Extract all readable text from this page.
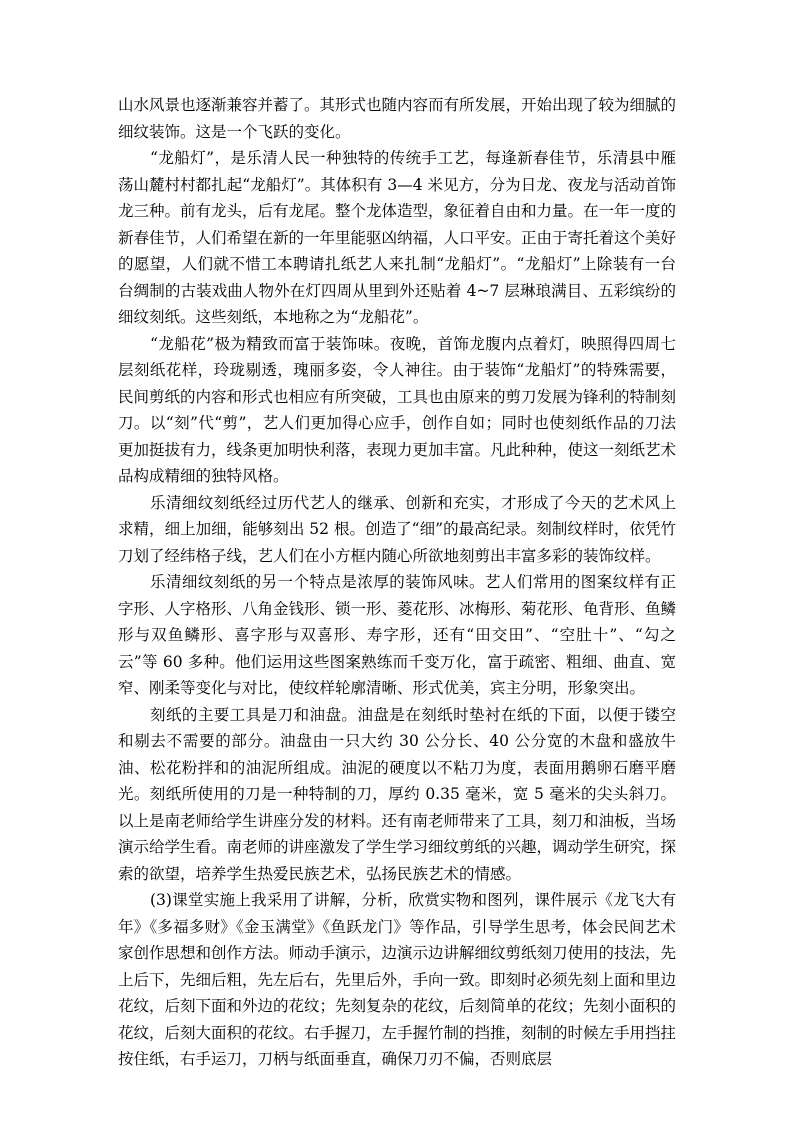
山水风景也逐渐兼容并蓄了。其形式也随内容而有所发展，开始出现了较为细腻的细纹装饰。这是一个飞跃的变化。

“龙船灯”，是乐清人民一种独特的传统手工艺，每逢新春佳节，乐清县中雁荡山麓村村都扎起“龙船灯”。其体积有 3—4 米见方，分为日龙、夜龙与活动首饰龙三种。前有龙头，后有龙尾。整个龙体造型，象征着自由和力量。在一年一度的新春佳节，人们希望在新的一年里能驱凶纳福，人口平安。正由于寄托着这个美好的愿望，人们就不惜工本聘请扎纸艺人来扎制“龙船灯”。“龙船灯”上除装有一台台绸制的古装戏曲人物外在灯四周从里到外还贴着 4~7 层琳琅满目、五彩缤纷的细纹刻纸。这些刻纸，本地称之为“龙船花”。

“龙船花”极为精致而富于装饰味。夜晚，首饰龙腹内点着灯，映照得四周七层刻纸花样，玲珑剔透，瑰丽多姿，令人神往。由于装饰“龙船灯”的特殊需要，民间剪纸的内容和形式也相应有所突破，工具也由原来的剪刀发展为锋利的特制刻刀。以“刻”代“剪”，艺人们更加得心应手，创作自如；同时也使刻纸作品的刀法更加挺拔有力，线条更加明快利落，表现力更加丰富。凡此种种，使这一刻纸艺术品构成精细的独特风格。

乐清细纹刻纸经过历代艺人的继承、创新和充实，才形成了今天的艺术风上求精，细上加细，能够刻出 52 根。创造了“细”的最高纪录。刻制纹样时，依凭竹刀划了经纬格子线，艺人们在小方框内随心所欲地刻剪出丰富多彩的装饰纹样。

乐清细纹刻纸的另一个特点是浓厚的装饰风味。艺人们常用的图案纹样有正字形、人字格形、八角金钱形、锁一形、菱花形、冰梅形、菊花形、龟背形、鱼鳞形与双鱼鳞形、喜字形与双喜形、寿字形，还有“田交田”、“空肚十”、“勾之云”等 60 多种。他们运用这些图案熟练而千变万化，富于疏密、粗细、曲直、宽窄、刚柔等变化与对比，使纹样轮廓清晰、形式优美，宾主分明，形象突出。

刻纸的主要工具是刀和油盘。油盘是在刻纸时垫衬在纸的下面，以便于镂空和剔去不需要的部分。油盘由一只大约 30 公分长、40 公分宽的木盘和盛放牛油、松花粉拌和的油泥所组成。油泥的硬度以不粘刀为度，表面用鹅卵石磨平磨光。刻纸所使用的刀是一种特制的刀，厚约 0.35 毫米，宽 5 毫米的尖头斜刀。以上是南老师给学生讲座分发的材料。还有南老师带来了工具，刻刀和油板，当场演示给学生看。南老师的讲座激发了学生学习细纹剪纸的兴趣，调动学生研究，探索的欲望，培养学生热爱民族艺术，弘扬民族艺术的情感。

(3)课堂实施上我采用了讲解，分析，欣赏实物和图列，课件展示《龙飞大有年》《多福多财》《金玉满堂》《鱼跃龙门》等作品，引导学生思考，体会民间艺术家创作思想和创作方法。师动手演示，边演示边讲解细纹剪纸刻刀使用的技法，先上后下，先细后粗，先左后右，先里后外，手向一致。即刻时必须先刻上面和里边花纹，后刻下面和外边的花纹；先刻复杂的花纹，后刻简单的花纹；先刻小面积的花纹，后刻大面积的花纹。右手握刀，左手握竹制的挡推，刻制的时候左手用挡拄按住纸，右手运刀，刀柄与纸面垂直，确保刀刃不偏，否则底层
